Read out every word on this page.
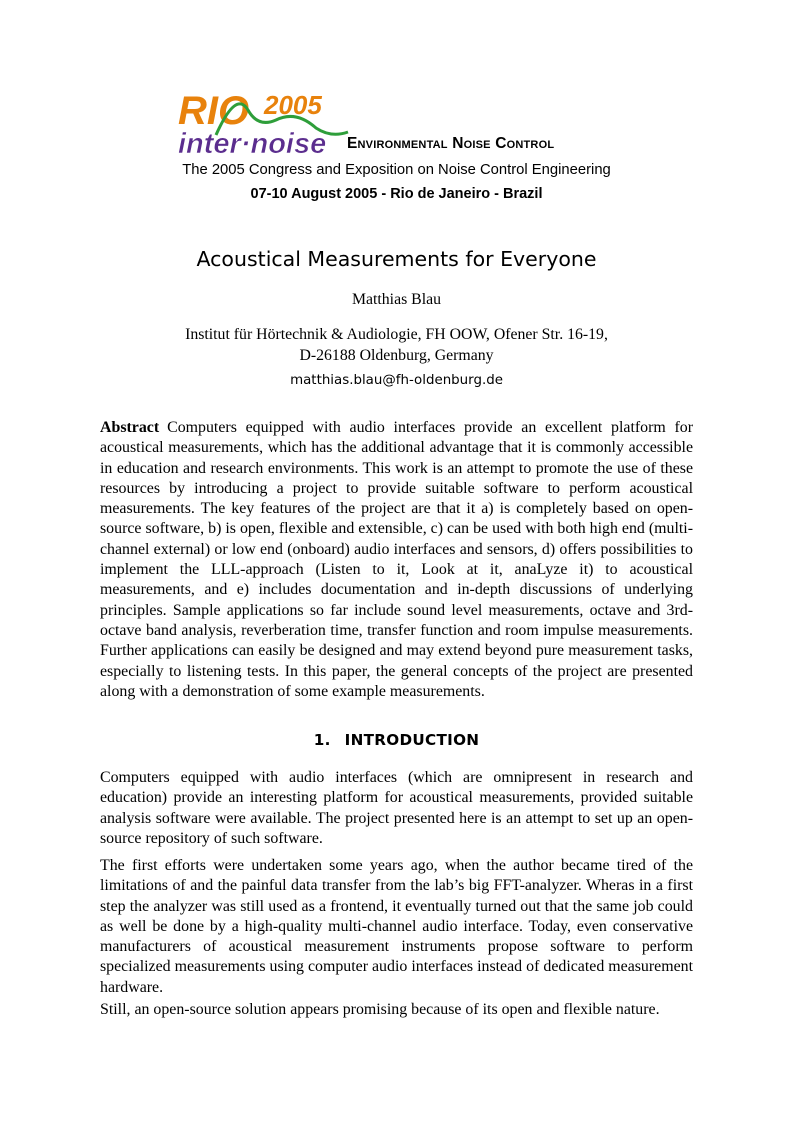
RIO 2005
inter·noise Environmental Noise Control
The 2005 Congress and Exposition on Noise Control Engineering
07-10 August 2005 - Rio de Janeiro - Brazil
Acoustical Measurements for Everyone
Matthias Blau
Institut für Hörtechnik & Audiologie, FH OOW, Ofener Str. 16-19,
D-26188 Oldenburg, Germany
matthias.blau@fh-oldenburg.de

Abstract Computers equipped with audio interfaces provide an excellent platform for acoustical measurements, which has the additional advantage that it is commonly accessible in education and research environments. This work is an attempt to promote the use of these resources by introducing a project to provide suitable software to perform acoustical measurements. The key features of the project are that it a) is completely based on open-source software, b) is open, flexible and extensible, c) can be used with both high end (multi-channel external) or low end (onboard) audio interfaces and sensors, d) offers possibilities to implement the LLL-approach (Listen to it, Look at it, anaLyze it) to acoustical measurements, and e) includes documentation and in-depth discussions of underlying principles. Sample applications so far include sound level measurements, octave and 3rd-octave band analysis, reverberation time, transfer function and room impulse measurements. Further applications can easily be designed and may extend beyond pure measurement tasks, especially to listening tests. In this paper, the general concepts of the project are presented along with a demonstration of some example measurements.

1. INTRODUCTION

Computers equipped with audio interfaces (which are omnipresent in research and education) provide an interesting platform for acoustical measurements, provided suitable analysis software were available. The project presented here is an attempt to set up an open-source repository of such software.

The first efforts were undertaken some years ago, when the author became tired of the limitations of and the painful data transfer from the lab’s big FFT-analyzer. Wheras in a first step the analyzer was still used as a frontend, it eventually turned out that the same job could as well be done by a high-quality multi-channel audio interface. Today, even conservative manufacturers of acoustical measurement instruments propose software to perform specialized measurements using computer audio interfaces instead of dedicated measurement hardware.

Still, an open-source solution appears promising because of its open and flexible nature.
